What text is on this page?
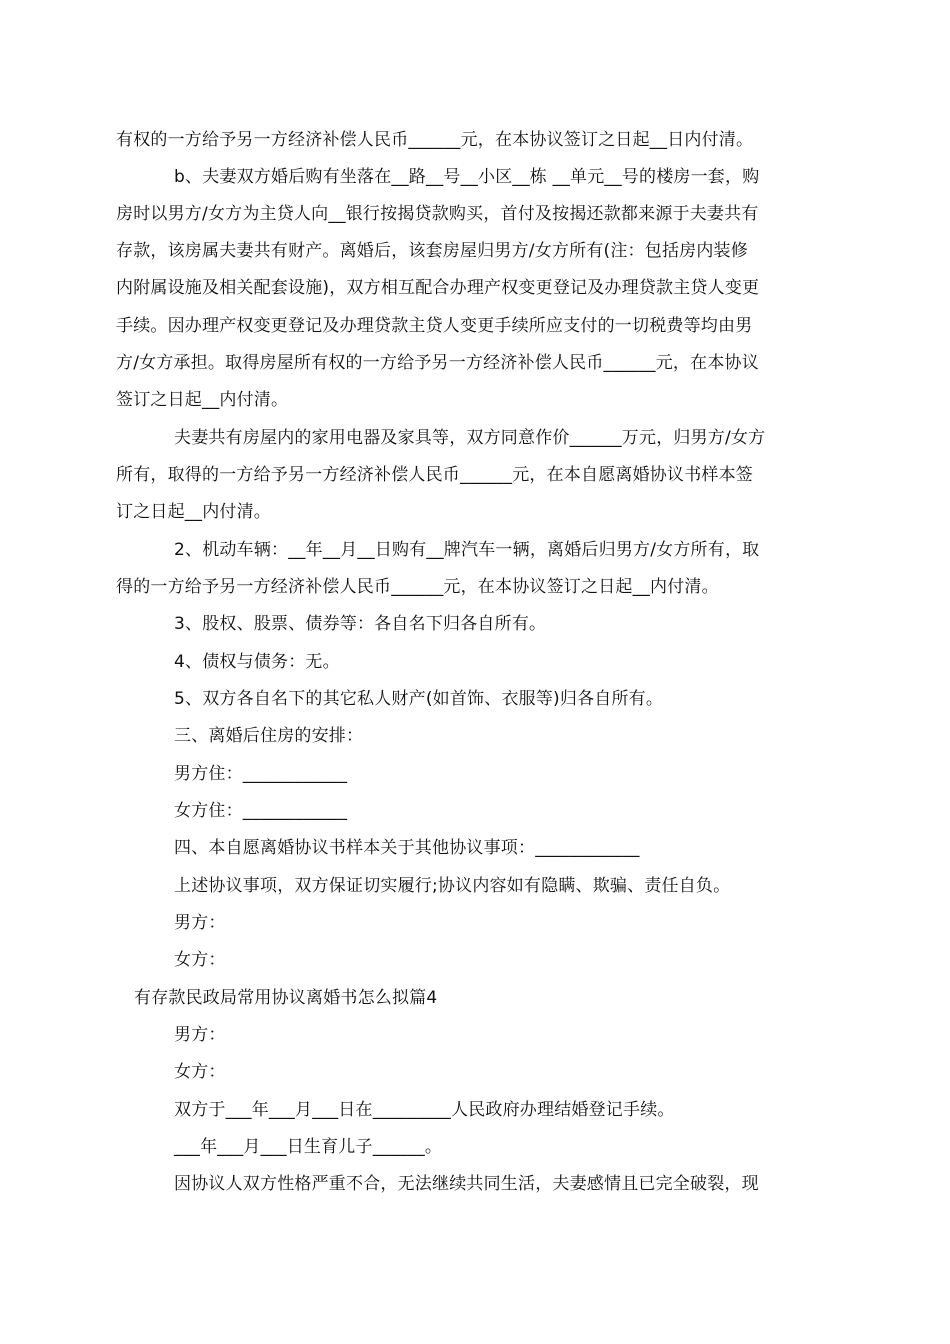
有权的一方给予另一方经济补偿人民币______元，在本协议签订之日起__日内付清。
b、夫妻双方婚后购有坐落在__路__号__小区__栋 __单元__号的楼房一套，购
房时以男方/女方为主贷人向__银行按揭贷款购买，首付及按揭还款都来源于夫妻共有
存款，该房属夫妻共有财产。离婚后，该套房屋归男方/女方所有(注：包括房内装修
内附属设施及相关配套设施)，双方相互配合办理产权变更登记及办理贷款主贷人变更
手续。因办理产权变更登记及办理贷款主贷人变更手续所应支付的一切税费等均由男
方/女方承担。取得房屋所有权的一方给予另一方经济补偿人民币______元，在本协议
签订之日起__内付清。
夫妻共有房屋内的家用电器及家具等，双方同意作价______万元，归男方/女方
所有，取得的一方给予另一方经济补偿人民币______元，在本自愿离婚协议书样本签
订之日起__内付清。
2、机动车辆：__年__月__日购有__牌汽车一辆，离婚后归男方/女方所有，取
得的一方给予另一方经济补偿人民币______元，在本协议签订之日起__内付清。
3、股权、股票、债券等：各自名下归各自所有。
4、债权与债务：无。
5、双方各自名下的其它私人财产(如首饰、衣服等)归各自所有。
三、离婚后住房的安排：
男方住：____________
女方住：____________
四、本自愿离婚协议书样本关于其他协议事项：____________
上述协议事项，双方保证切实履行;协议内容如有隐瞒、欺骗、责任自负。
男方：
女方：
有存款民政局常用协议离婚书怎么拟篇4
男方：
女方：
双方于___年___月___日在_________人民政府办理结婚登记手续。
___年___月___日生育儿子______。
因协议人双方性格严重不合，无法继续共同生活，夫妻感情且已完全破裂，现
